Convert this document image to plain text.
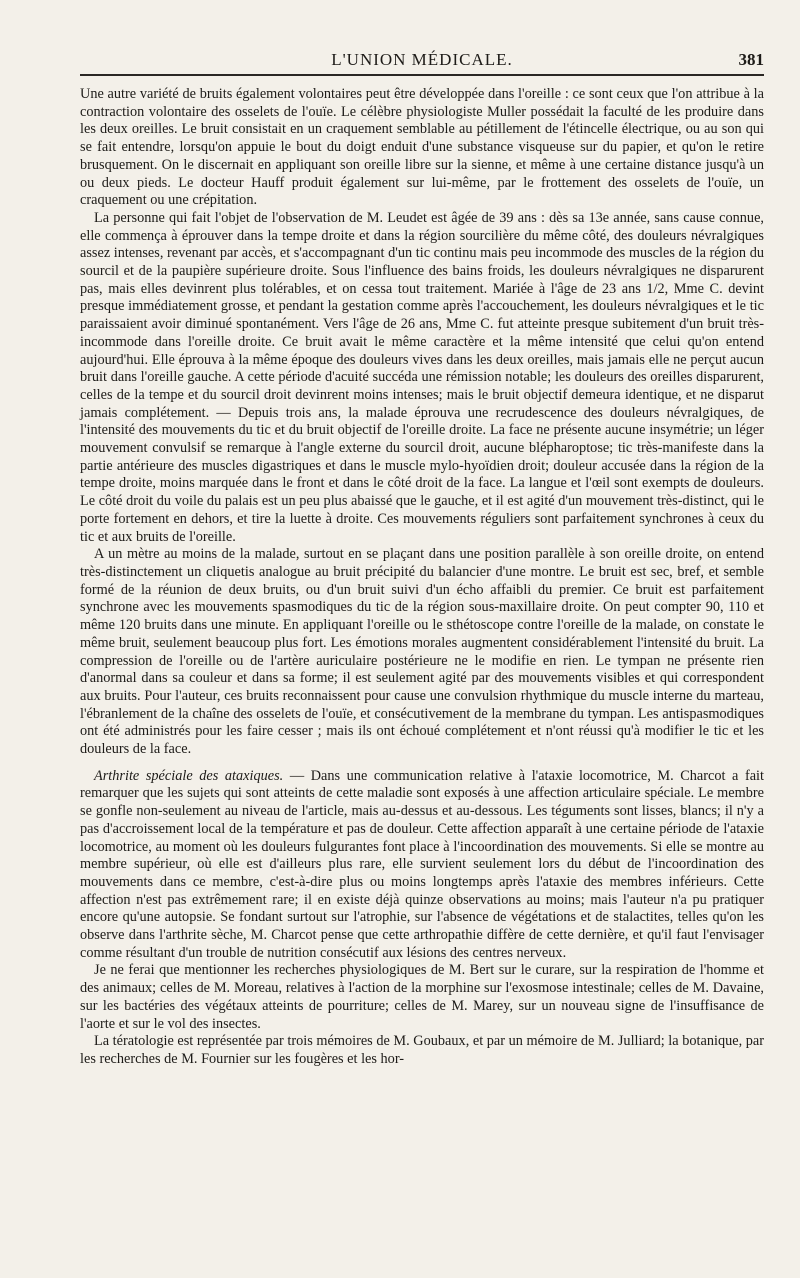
L'UNION MÉDICALE.	381

Une autre variété de bruits également volontaires peut être développée dans l'oreille : ce sont ceux que l'on attribue à la contraction volontaire des osselets de l'ouïe. Le célèbre physiologiste Muller possédait la faculté de les produire dans les deux oreilles. Le bruit consistait en un craquement semblable au pétillement de l'étincelle électrique, ou au son qui se fait entendre, lorsqu'on appuie le bout du doigt enduit d'une substance visqueuse sur du papier, et qu'on le retire brusquement. On le discernait en appliquant son oreille libre sur la sienne, et même à une certaine distance jusqu'à un ou deux pieds. Le docteur Hauff produit également sur lui-même, par le frottement des osselets de l'ouïe, un craquement ou une crépitation.

La personne qui fait l'objet de l'observation de M. Leudet est âgée de 39 ans : dès sa 13e année, sans cause connue, elle commença à éprouver dans la tempe droite et dans la région sourcilière du même côté, des douleurs névralgiques assez intenses, revenant par accès, et s'accompagnant d'un tic continu mais peu incommode des muscles de la région du sourcil et de la paupière supérieure droite. Sous l'influence des bains froids, les douleurs névralgiques ne disparurent pas, mais elles devinrent plus tolérables, et on cessa tout traitement. Mariée à l'âge de 23 ans 1/2, Mme C. devint presque immédiatement grosse, et pendant la gestation comme après l'accouchement, les douleurs névralgiques et le tic paraissaient avoir diminué spontanément. Vers l'âge de 26 ans, Mme C. fut atteinte presque subitement d'un bruit très-incommode dans l'oreille droite. Ce bruit avait le même caractère et la même intensité que celui qu'on entend aujourd'hui. Elle éprouva à la même époque des douleurs vives dans les deux oreilles, mais jamais elle ne perçut aucun bruit dans l'oreille gauche. A cette période d'acuité succéda une rémission notable; les douleurs des oreilles disparurent, celles de la tempe et du sourcil droit devinrent moins intenses; mais le bruit objectif demeura identique, et ne disparut jamais complétement. — Depuis trois ans, la malade éprouva une recrudescence des douleurs névralgiques, de l'intensité des mouvements du tic et du bruit objectif de l'oreille droite. La face ne présente aucune insymétrie; un léger mouvement convulsif se remarque à l'angle externe du sourcil droit, aucune blépharoptose; tic très-manifeste dans la partie antérieure des muscles digastriques et dans le muscle mylo-hyoïdien droit; douleur accusée dans la région de la tempe droite, moins marquée dans le front et dans le côté droit de la face. La langue et l'œil sont exempts de douleurs. Le côté droit du voile du palais est un peu plus abaissé que le gauche, et il est agité d'un mouvement très-distinct, qui le porte fortement en dehors, et tire la luette à droite. Ces mouvements réguliers sont parfaitement synchrones à ceux du tic et aux bruits de l'oreille.

A un mètre au moins de la malade, surtout en se plaçant dans une position parallèle à son oreille droite, on entend très-distinctement un cliquetis analogue au bruit précipité du balancier d'une montre. Le bruit est sec, bref, et semble formé de la réunion de deux bruits, ou d'un bruit suivi d'un écho affaibli du premier. Ce bruit est parfaitement synchrone avec les mouvements spasmodiques du tic de la région sous-maxillaire droite. On peut compter 90, 110 et même 120 bruits dans une minute. En appliquant l'oreille ou le sthétoscope contre l'oreille de la malade, on constate le même bruit, seulement beaucoup plus fort. Les émotions morales augmentent considérablement l'intensité du bruit. La compression de l'oreille ou de l'artère auriculaire postérieure ne le modifie en rien. Le tympan ne présente rien d'anormal dans sa couleur et dans sa forme; il est seulement agité par des mouvements visibles et qui correspondent aux bruits. Pour l'auteur, ces bruits reconnaissent pour cause une convulsion rhythmique du muscle interne du marteau, l'ébranlement de la chaîne des osselets de l'ouïe, et consécutivement de la membrane du tympan. Les antispasmodiques ont été administrés pour les faire cesser ; mais ils ont échoué complétement et n'ont réussi qu'à modifier le tic et les douleurs de la face.

Arthrite spéciale des ataxiques. — Dans une communication relative à l'ataxie locomotrice, M. Charcot a fait remarquer que les sujets qui sont atteints de cette maladie sont exposés à une affection articulaire spéciale. Le membre se gonfle non-seulement au niveau de l'article, mais au-dessus et au-dessous. Les téguments sont lisses, blancs; il n'y a pas d'accroissement local de la température et pas de douleur. Cette affection apparaît à une certaine période de l'ataxie locomotrice, au moment où les douleurs fulgurantes font place à l'incoordination des mouvements. Si elle se montre au membre supérieur, où elle est d'ailleurs plus rare, elle survient seulement lors du début de l'incoordination des mouvements dans ce membre, c'est-à-dire plus ou moins longtemps après l'ataxie des membres inférieurs. Cette affection n'est pas extrêmement rare; il en existe déjà quinze observations au moins; mais l'auteur n'a pu pratiquer encore qu'une autopsie. Se fondant surtout sur l'atrophie, sur l'absence de végétations et de stalactites, telles qu'on les observe dans l'arthrite sèche, M. Charcot pense que cette arthropathie diffère de cette dernière, et qu'il faut l'envisager comme résultant d'un trouble de nutrition consécutif aux lésions des centres nerveux.

Je ne ferai que mentionner les recherches physiologiques de M. Bert sur le curare, sur la respiration de l'homme et des animaux; celles de M. Moreau, relatives à l'action de la morphine sur l'exosmose intestinale; celles de M. Davaine, sur les bactéries des végétaux atteints de pourriture; celles de M. Marey, sur un nouveau signe de l'insuffisance de l'aorte et sur le vol des insectes.

La tératologie est représentée par trois mémoires de M. Goubaux, et par un mémoire de M. Julliard; la botanique, par les recherches de M. Fournier sur les fougères et les hor-
